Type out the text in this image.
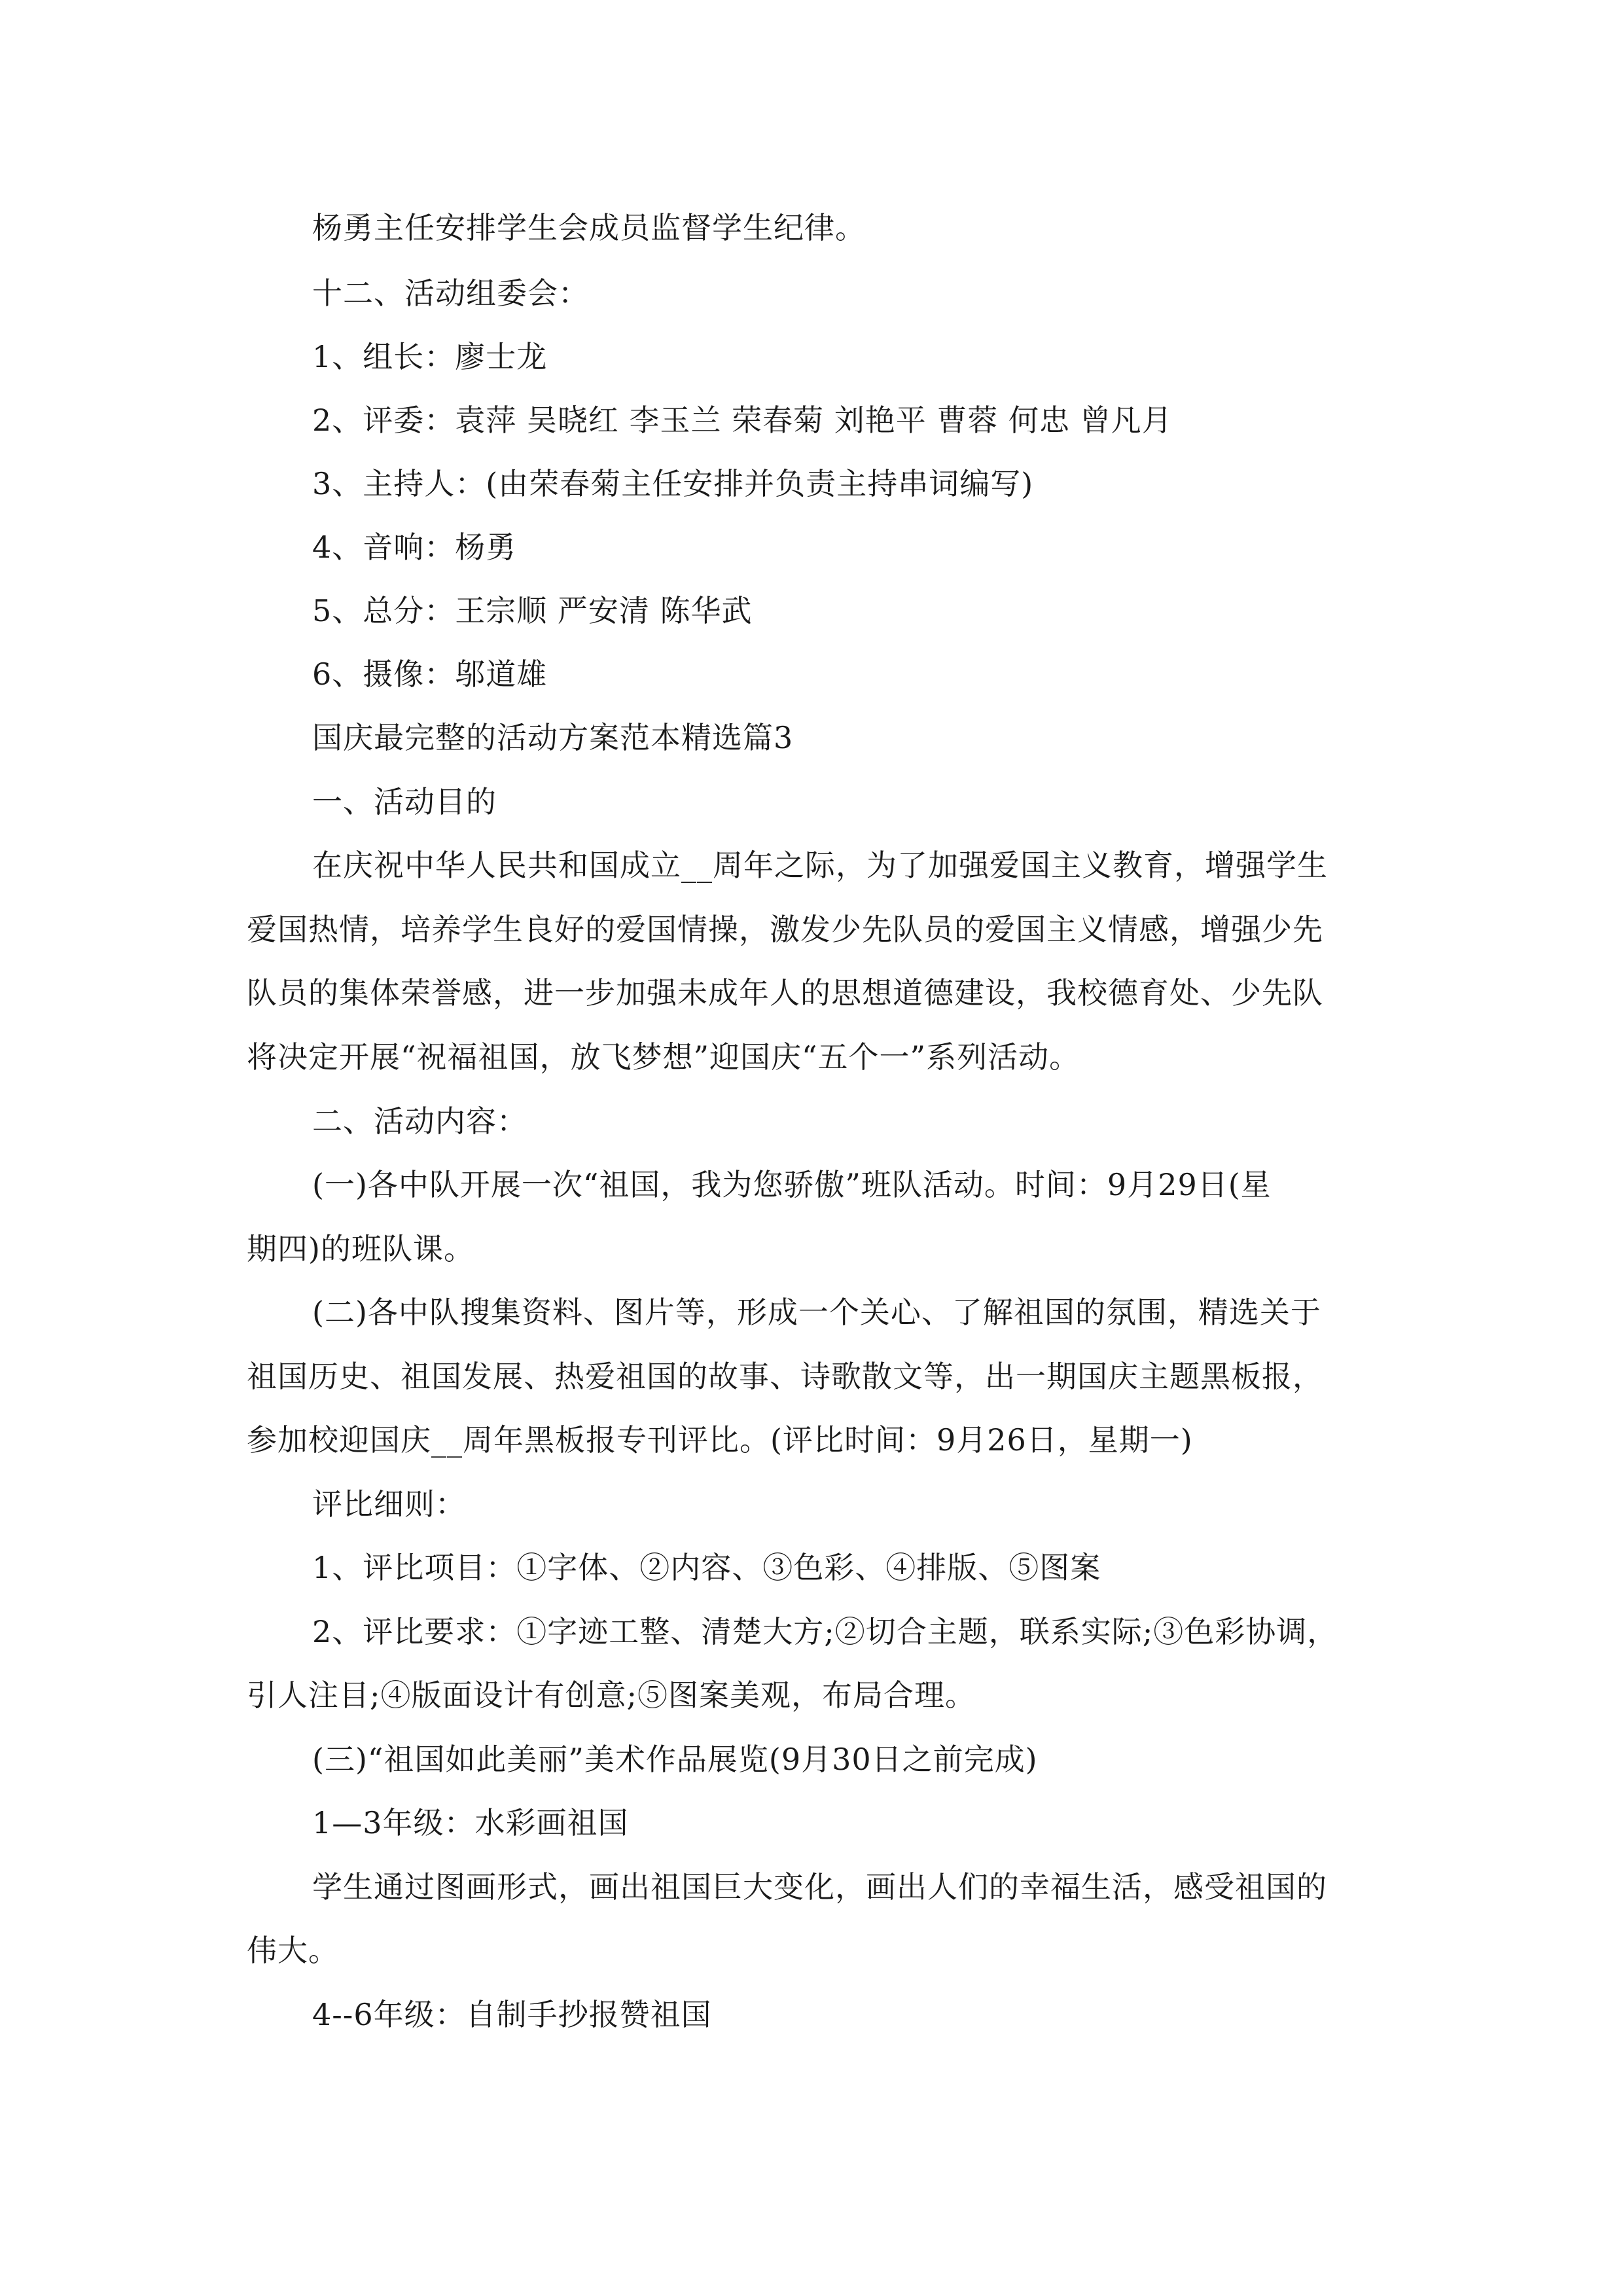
杨勇主任安排学生会成员监督学生纪律。
十二、活动组委会：
1、组长：廖士龙
2、评委：袁萍 吴晓红 李玉兰 荣春菊 刘艳平 曹蓉 何忠 曾凡月
3、主持人：(由荣春菊主任安排并负责主持串词编写)
4、音响：杨勇
5、总分：王宗顺 严安清 陈华武
6、摄像：邬道雄
国庆最完整的活动方案范本精选篇3
一、活动目的
在庆祝中华人民共和国成立__周年之际，为了加强爱国主义教育，增强学生
爱国热情，培养学生良好的爱国情操，激发少先队员的爱国主义情感，增强少先
队员的集体荣誉感，进一步加强未成年人的思想道德建设，我校德育处、少先队
将决定开展“祝福祖国，放飞梦想”迎国庆“五个一”系列活动。
二、活动内容：
(一)各中队开展一次“祖国，我为您骄傲”班队活动。时间：9月29日(星
期四)的班队课。
(二)各中队搜集资料、图片等，形成一个关心、了解祖国的氛围，精选关于
祖国历史、祖国发展、热爱祖国的故事、诗歌散文等，出一期国庆主题黑板报，
参加校迎国庆__周年黑板报专刊评比。(评比时间：9月26日，星期一)
评比细则：
1、评比项目：①字体、②内容、③色彩、④排版、⑤图案
2、评比要求：①字迹工整、清楚大方;②切合主题，联系实际;③色彩协调，
引人注目;④版面设计有创意;⑤图案美观，布局合理。
(三)“祖国如此美丽”美术作品展览(9月30日之前完成)
1—3年级：水彩画祖国
学生通过图画形式，画出祖国巨大变化，画出人们的幸福生活，感受祖国的
伟大。
4--6年级：自制手抄报赞祖国
